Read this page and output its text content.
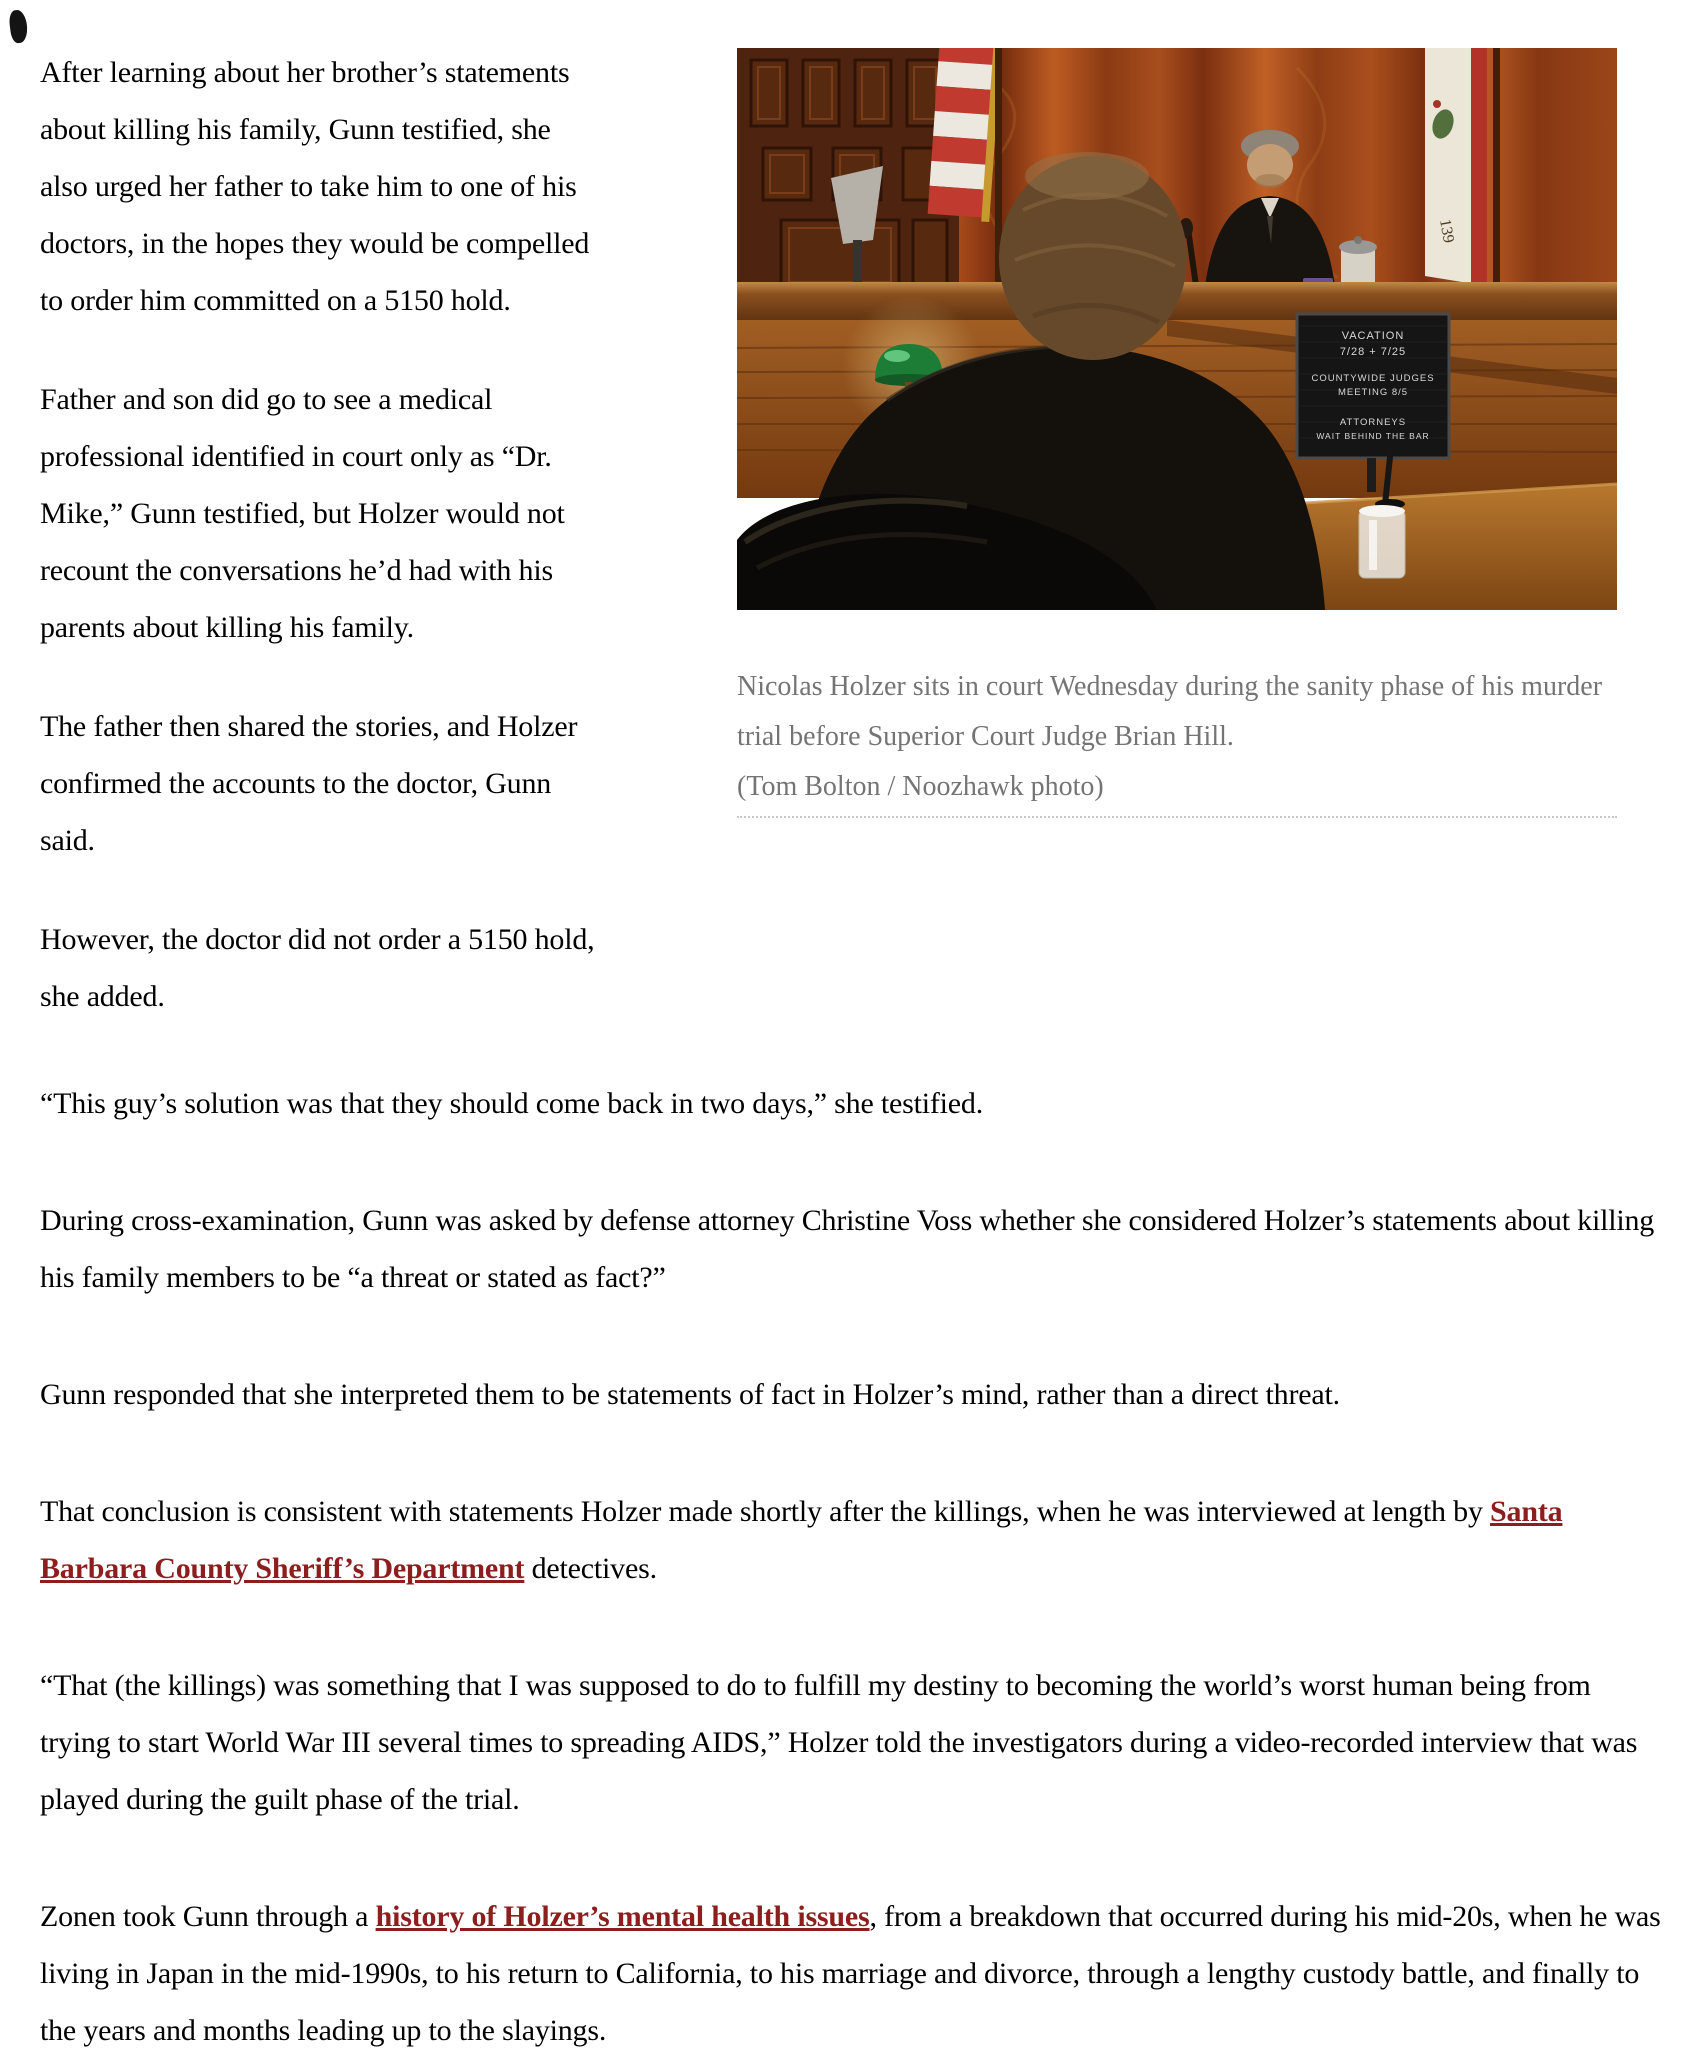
After learning about her brother’s statements about killing his family, Gunn testified, she also urged her father to take him to one of his doctors, in the hopes they would be compelled to order him committed on a 5150 hold.

Father and son did go to see a medical professional identified in court only as “Dr. Mike,” Gunn testified, but Holzer would not recount the conversations he’d had with his parents about killing his family.

The father then shared the stories, and Holzer confirmed the accounts to the doctor, Gunn said.

However, the doctor did not order a 5150 hold, she added.

139
VACATION
7/28 + 7/25
COUNTYWIDE JUDGES
MEETING 8/5
ATTORNEYS
WAIT BEHIND THE BAR
Nicolas Holzer sits in court Wednesday during the sanity phase of his murder trial before Superior Court Judge Brian Hill.
(Tom Bolton / Noozhawk photo)

“This guy’s solution was that they should come back in two days,” she testified.

During cross-examination, Gunn was asked by defense attorney Christine Voss whether she considered Holzer’s statements about killing his family members to be “a threat or stated as fact?”

Gunn responded that she interpreted them to be statements of fact in Holzer’s mind, rather than a direct threat.

That conclusion is consistent with statements Holzer made shortly after the killings, when he was interviewed at length by Santa Barbara County Sheriff’s Department detectives.

“That (the killings) was something that I was supposed to do to fulfill my destiny to becoming the world’s worst human being from trying to start World War III several times to spreading AIDS,” Holzer told the investigators during a video-recorded interview that was played during the guilt phase of the trial.

Zonen took Gunn through a history of Holzer’s mental health issues, from a breakdown that occurred during his mid-20s, when he was living in Japan in the mid-1990s, to his return to California, to his marriage and divorce, through a lengthy custody battle, and finally to the years and months leading up to the slayings.
